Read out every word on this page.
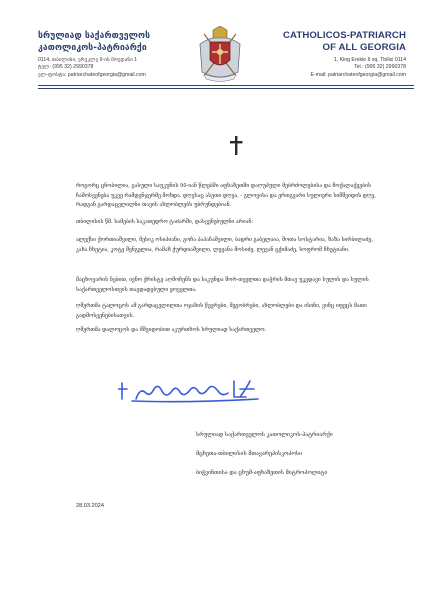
სრულიად საქართველოს
კათოლიკოს-პატრიარქი
0114, თბილისი, ერეკლე II-ის მოედანი 1
ტელ: (995 32) 2990378
ელ-ფოსტა: patriarchateofgeorgia@gmail.com
CATHOLICOS-PATRIARCH
OF ALL GEORGIA
1, King Erekle II sq. Tbilisi 0114
Tel.: (995 32) 2990378
E-mail: patriarchateofgeorgia@gmail.com

როგორც ცნობილია, გასული საუკუნის 90-იან წლებში აფხაზეთში დაღუპული მებრძოლებისა და მოქალაქეების ჩამოსვენება უკვე რამდენჯერმე მოხდა. დღესაც ასეთი დღეა, - გლოვისა და ერთგვარი სულიერი სიმშვიდის დღე, რადგან გარდაცვლილნი თავის ახლობლებს უბრუნდებიან.

თბილისის წმ. სამების საკათედრო ტაძარში, დასვენებულნი არიან:

ალექსი ქორთიაშვილი, მესიკ ოსიპიანი, გოჩა პაპაჩაშვილი, ბადრი გაბელაია, შოთა სოსტარია, ზაზა სირბილაძე, კახა ჩხეტია, კოტე შენგელია, რამაზ ქურდიაშვილი, ლევანა მოსიძე, ლევან ცქიმაძე, სოფრომ ჩხეტიანი.

მაცხოვარის ნებით, ივნო ქრისტე აღმოჩენს და საკუნდა შორ-თველთა დაჭრის მთავ უკვდავი სულის და სულის საქართველოსთვის თავდადებული ყოველთა.

ღმერთმა ტალოცოს ამ გარდაცვლილთა ოჯახის წევრები, მეგობრები, ახლობლები და ისინი, ვინც იფეცს მათი გადმოსვენებისათვის.

ღმერთმა დალოცოს და მშვიდობით აკურთხოს სრულიად საქართველო.

სრულიად საქართველოს კათოლიკოს-პატრიარქი
მცხეთა-თბილისის მთავარეპისკოპოსი
ბიჭვინთისა და ცხუმ-აფხაზეთის მიტროპოლიტი
28.03.2024
